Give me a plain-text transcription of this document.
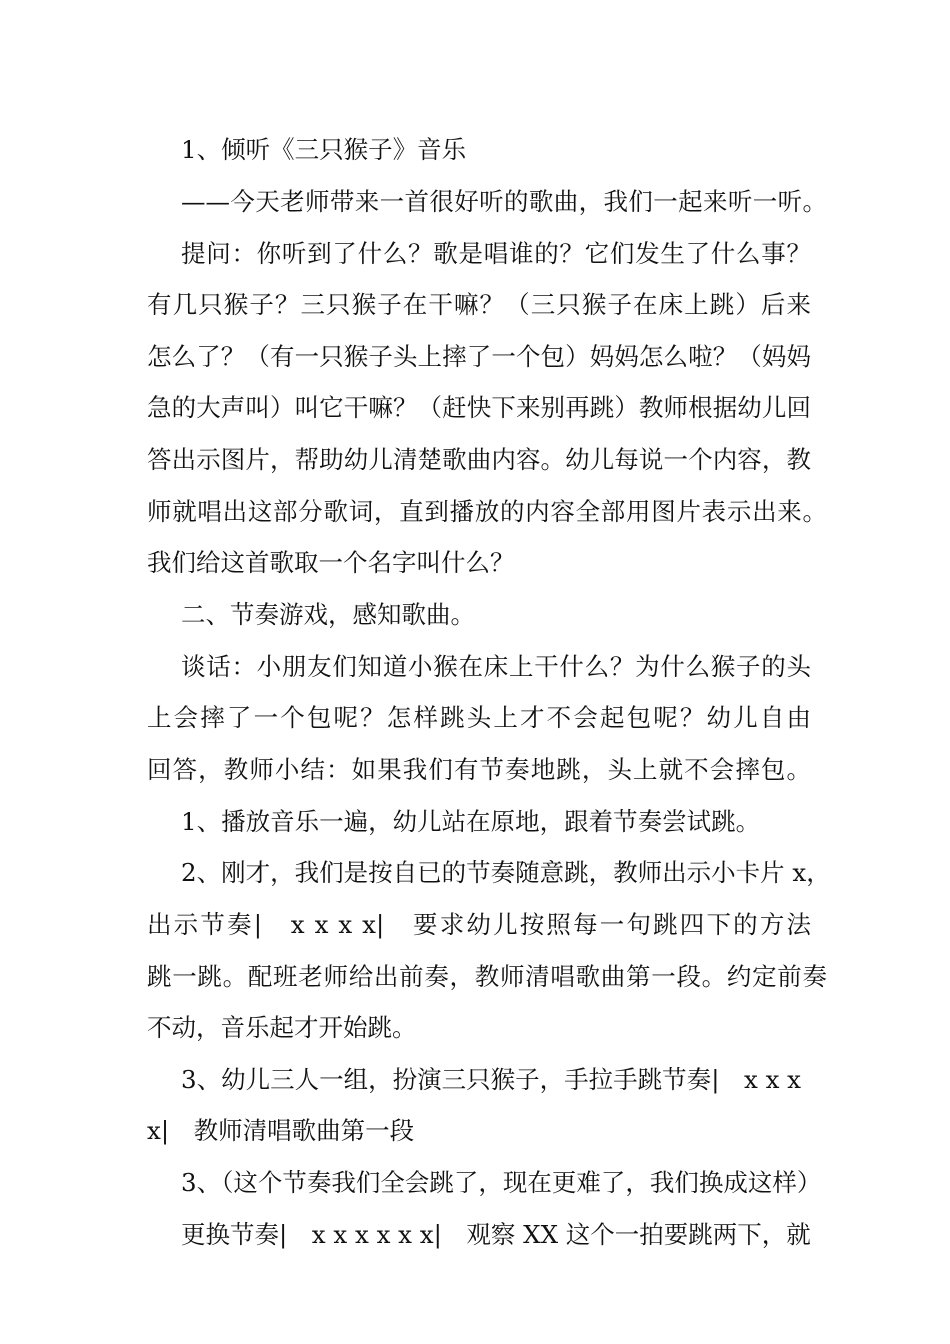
1、倾听《三只猴子》音乐
——今天老师带来一首很好听的歌曲，我们一起来听一听。
提问：你听到了什么？歌是唱谁的？它们发生了什么事？
有几只猴子？三只猴子在干嘛？（三只猴子在床上跳）后来
怎么了？（有一只猴子头上摔了一个包）妈妈怎么啦？（妈妈
急的大声叫）叫它干嘛？（赶快下来别再跳）教师根据幼儿回
答出示图片，帮助幼儿清楚歌曲内容。幼儿每说一个内容，教
师就唱出这部分歌词，直到播放的内容全部用图片表示出来。
我们给这首歌取一个名字叫什么？
二、节奏游戏，感知歌曲。
谈话：小朋友们知道小猴在床上干什么？为什么猴子的头
上会摔了一个包呢？怎样跳头上才不会起包呢？幼儿自由
回答，教师小结：如果我们有节奏地跳，头上就不会摔包。
1、播放音乐一遍，幼儿站在原地，跟着节奏尝试跳。
2、刚才，我们是按自已的节奏随意跳，教师出示小卡片 x，
出示节奏|　x x x x|　要求幼儿按照每一句跳四下的方法
跳一跳。配班老师给出前奏，教师清唱歌曲第一段。约定前奏
不动，音乐起才开始跳。
3、幼儿三人一组，扮演三只猴子，手拉手跳节奏|　x x x
x|　教师清唱歌曲第一段
3、（这个节奏我们全会跳了，现在更难了，我们换成这样）
更换节奏|　x x x x x x|　观察 XX 这个一拍要跳两下，就
